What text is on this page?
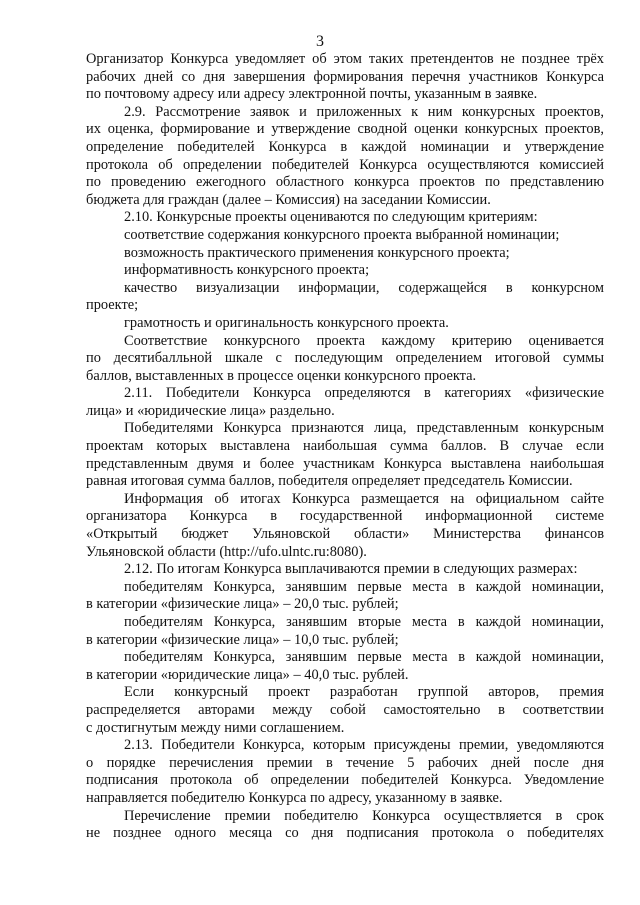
3
Организатор Конкурса уведомляет об этом таких претендентов не позднее трёх
рабочих дней со дня завершения формирования перечня участников Конкурса
по почтовому адресу или адресу электронной почты, указанным в заявке.
2.9. Рассмотрение заявок и приложенных к ним конкурсных проектов,
их оценка, формирование и утверждение сводной оценки конкурсных проектов,
определение победителей Конкурса в каждой номинации и утверждение
протокола об определении победителей Конкурса осуществляются комиссией
по проведению ежегодного областного конкурса проектов по представлению
бюджета для граждан (далее – Комиссия) на заседании Комиссии.
2.10. Конкурсные проекты оцениваются по следующим критериям:
соответствие содержания конкурсного проекта выбранной номинации;
возможность практического применения конкурсного проекта;
информативность конкурсного проекта;
качество визуализации информации, содержащейся в конкурсном
проекте;
грамотность и оригинальность конкурсного проекта.
Соответствие конкурсного проекта каждому критерию оценивается
по десятибалльной шкале с последующим определением итоговой суммы
баллов, выставленных в процессе оценки конкурсного проекта.
2.11. Победители Конкурса определяются в категориях «физические
лица» и «юридические лица» раздельно.
Победителями Конкурса признаются лица, представленным конкурсным
проектам которых выставлена наибольшая сумма баллов. В случае если
представленным двумя и более участникам Конкурса выставлена наибольшая
равная итоговая сумма баллов, победителя определяет председатель Комиссии.
Информация об итогах Конкурса размещается на официальном сайте
организатора Конкурса в государственной информационной системе
«Открытый бюджет Ульяновской области» Министерства финансов
Ульяновской области (http://ufo.ulntc.ru:8080).
2.12. По итогам Конкурса выплачиваются премии в следующих размерах:
победителям Конкурса, занявшим первые места в каждой номинации,
в категории «физические лица» – 20,0 тыс. рублей;
победителям Конкурса, занявшим вторые места в каждой номинации,
в категории «физические лица» – 10,0 тыс. рублей;
победителям Конкурса, занявшим первые места в каждой номинации,
в категории «юридические лица» – 40,0 тыс. рублей.
Если конкурсный проект разработан группой авторов, премия
распределяется авторами между собой самостоятельно в соответствии
с достигнутым между ними соглашением.
2.13. Победители Конкурса, которым присуждены премии, уведомляются
о порядке перечисления премии в течение 5 рабочих дней после дня
подписания протокола об определении победителей Конкурса. Уведомление
направляется победителю Конкурса по адресу, указанному в заявке.
Перечисление премии победителю Конкурса осуществляется в срок
не позднее одного месяца со дня подписания протокола о победителях
